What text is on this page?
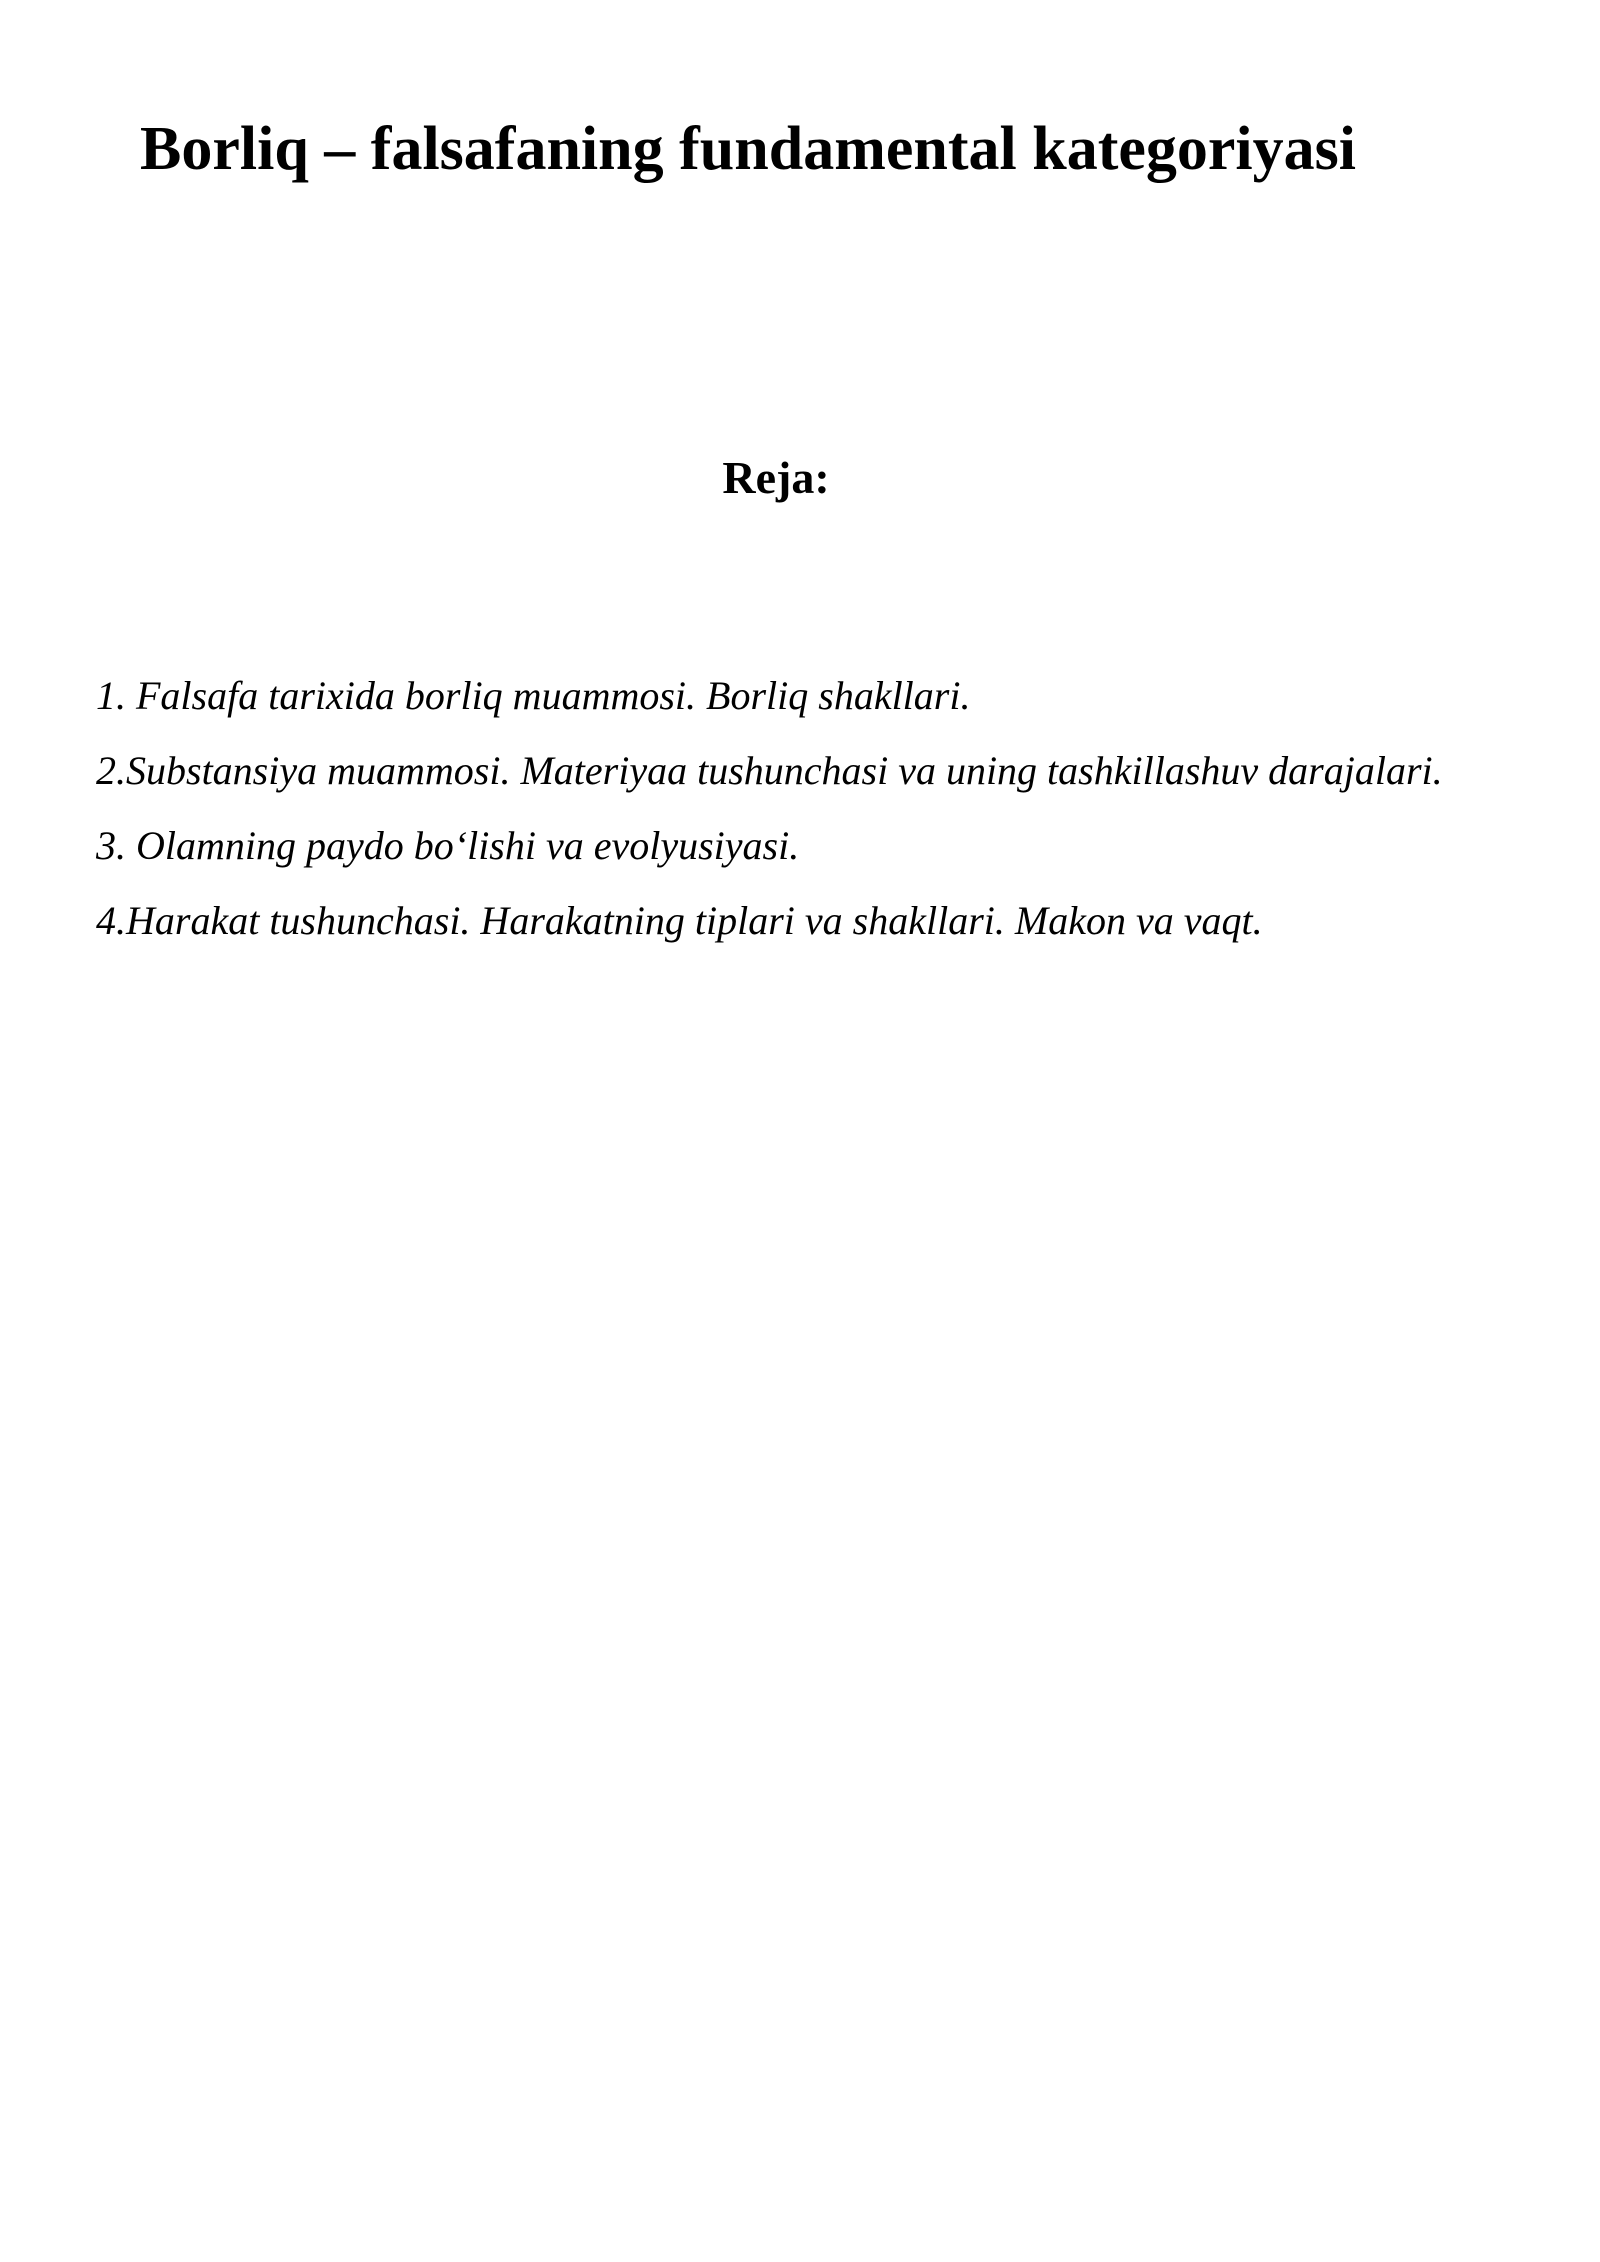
Borliq – falsafaning fundamental kategoriyasi
Reja:
1. Falsafa tarixida borliq muammosi. Borliq shakllari.
2.Substansiya muammosi. Materiyaa tushunchasi va uning tashkillashuv darajalari.
3. Olamning paydo bo‘lishi va evolyusiyasi.
4.Harakat tushunchasi. Harakatning tiplari va shakllari. Makon va vaqt.
